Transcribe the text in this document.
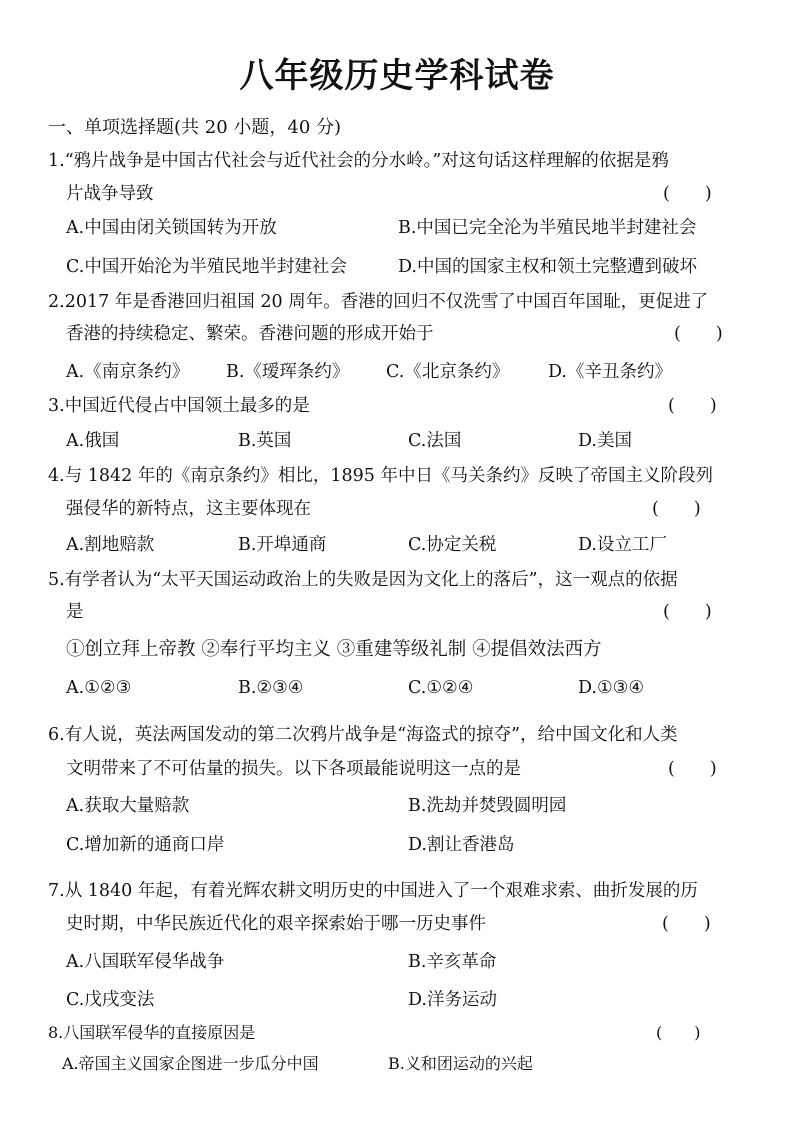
八年级历史学科试卷
一、单项选择题(共 20 小题，40 分)
1.“鸦片战争是中国古代社会与近代社会的分水岭。”对这句话这样理解的依据是鸦
片战争导致	(　　)
A.中国由闭关锁国转为开放	B.中国已完全沦为半殖民地半封建社会
C.中国开始沦为半殖民地半封建社会	D.中国的国家主权和领土完整遭到破坏
2.2017 年是香港回归祖国 20 周年。香港的回归不仅洗雪了中国百年国耻，更促进了
香港的持续稳定、繁荣。香港问题的形成开始于	(　　)
A.《南京条约》 B.《瑷珲条约》 C.《北京条约》 D.《辛丑条约》
3.中国近代侵占中国领土最多的是	(　　)
A.俄国	B.英国	C.法国	D.美国
4.与 1842 年的《南京条约》相比，1895 年中日《马关条约》反映了帝国主义阶段列
强侵华的新特点，这主要体现在	(　　)
A.割地赔款	B.开埠通商	C.协定关税	D.设立工厂
5.有学者认为“太平天国运动政治上的失败是因为文化上的落后”，这一观点的依据
是	(　　)
①创立拜上帝教 ②奉行平均主义 ③重建等级礼制 ④提倡效法西方
A.①②③	B.②③④	C.①②④	D.①③④
6.有人说，英法两国发动的第二次鸦片战争是“海盗式的掠夺”，给中国文化和人类
文明带来了不可估量的损失。以下各项最能说明这一点的是	(　　)
A.获取大量赔款	B.洗劫并焚毁圆明园
C.增加新的通商口岸	D.割让香港岛
7.从 1840 年起，有着光辉农耕文明历史的中国进入了一个艰难求索、曲折发展的历
史时期，中华民族近代化的艰辛探索始于哪一历史事件	(　　)
A.八国联军侵华战争	B.辛亥革命
C.戊戌变法	D.洋务运动
8.八国联军侵华的直接原因是	(　　)
A.帝国主义国家企图进一步瓜分中国	B.义和团运动的兴起
